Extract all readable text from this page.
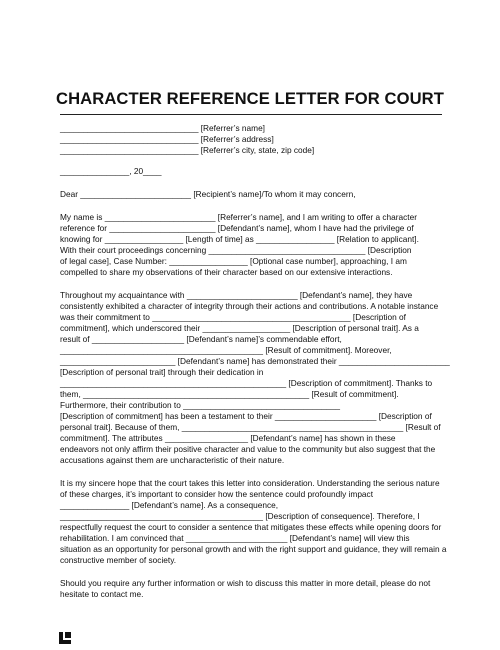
CHARACTER REFERENCE LETTER FOR COURT
______________________________ [Referrer’s name]
______________________________ [Referrer’s address]
______________________________ [Referrer’s city, state, zip code]
_______________, 20____
Dear ________________________ [Recipient’s name]/To whom it may concern,
My name is ________________________ [Referrer’s name], and I am writing to offer a character
reference for _______________________ [Defendant’s name], whom I have had the privilege of
knowing for _________________ [Length of time] as _________________ [Relation to applicant].
With their court proceedings concerning __________________________________ [Description
of legal case], Case Number: _________________ [Optional case number], approaching, I am
compelled to share my observations of their character based on our extensive interactions.
Throughout my acquaintance with ________________________ [Defendant’s name], they have
consistently exhibited a character of integrity through their actions and contributions. A notable instance
was their commitment to ___________________________________________ [Description of
commitment], which underscored their ___________________ [Description of personal trait]. As a
result of ____________________ [Defendant’s name]’s commendable effort,
____________________________________________ [Result of commitment]. Moreover,
_________________________ [Defendant’s name] has demonstrated their ________________________
[Description of personal trait] through their dedication in
_________________________________________________ [Description of commitment]. Thanks to
them, _________________________________________________ [Result of commitment].
Furthermore, their contribution to __________________________________
[Description of commitment] has been a testament to their ______________________ [Description of
personal trait]. Because of them, ________________________________________________ [Result of
commitment]. The attributes __________________ [Defendant’s name] has shown in these
endeavors not only affirm their positive character and value to the community but also suggest that the
accusations against them are uncharacteristic of their nature.
It is my sincere hope that the court takes this letter into consideration. Understanding the serious nature
of these charges, it’s important to consider how the sentence could profoundly impact
_______________ [Defendant’s name]. As a consequence,
____________________________________________ [Description of consequence]. Therefore, I
respectfully request the court to consider a sentence that mitigates these effects while opening doors for
rehabilitation. I am convinced that ______________________ [Defendant’s name] will view this
situation as an opportunity for personal growth and with the right support and guidance, they will remain a
constructive member of society.
Should you require any further information or wish to discuss this matter in more detail, please do not
hesitate to contact me.
